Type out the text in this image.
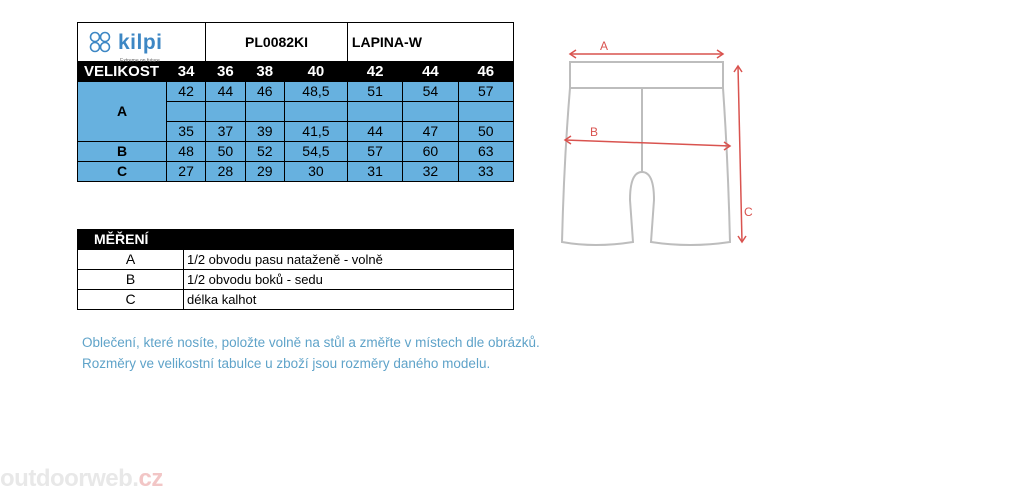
kilpi
Extreme on future		PL0082KI			LAPINA-W		
VELIKOST	34	36	38	40	42	44	46
A	42	44	46	48,5	51	54	57

	35	37	39	41,5	44	47	50
B	48	50	52	54,5	57	60	63
C	27	28	29	30	31	32	33
MĚŘENÍ	
A	1/2 obvodu pasu nataženě - volně
B	1/2 obvodu boků - sedu
C	délka kalhot
Oblečení, které nosíte, položte volně na stůl a změřte v místech dle obrázků.
Rozměry ve velikostní tabulce u zboží jsou rozměry daného modelu.
A
B
C
outdoorweb.cz
